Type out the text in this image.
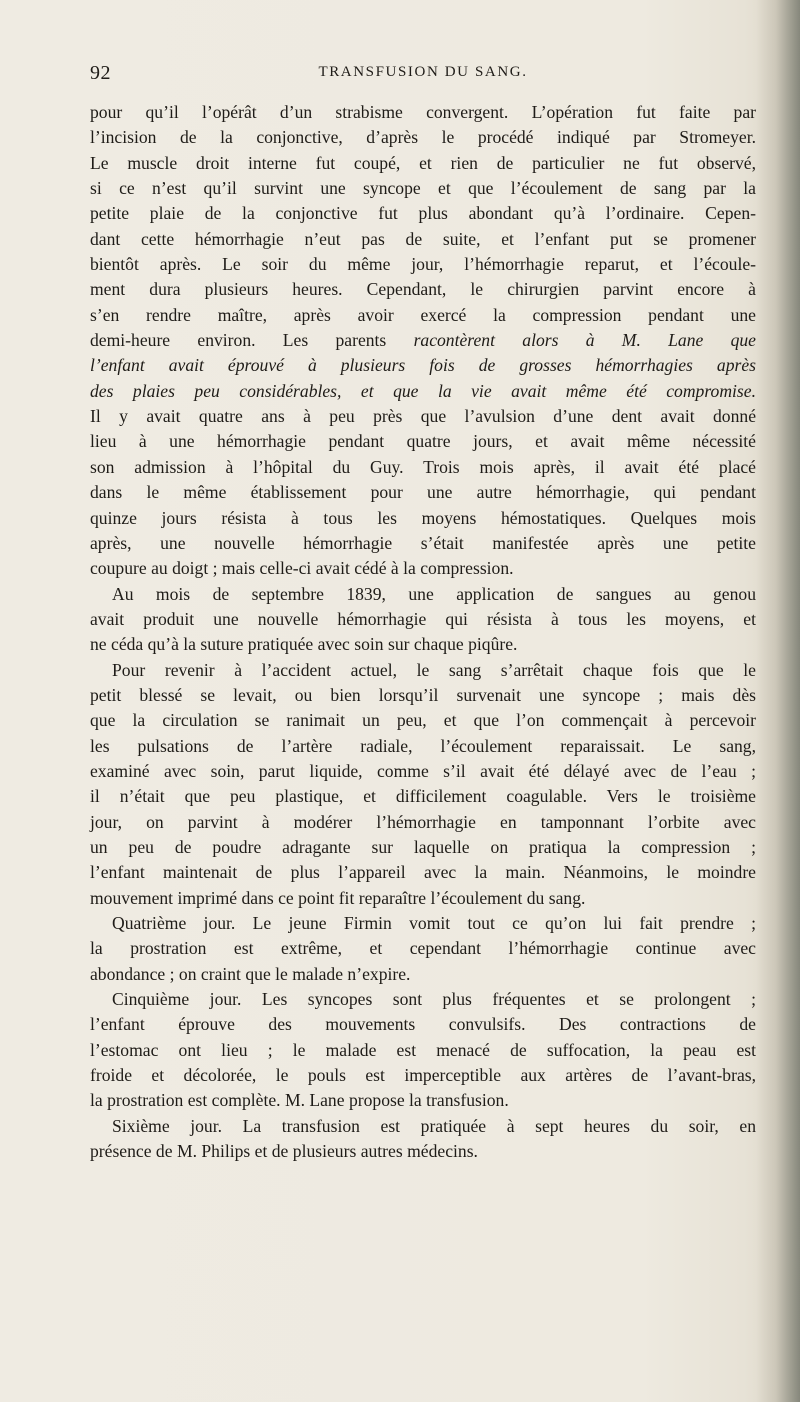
92	TRANSFUSION DU SANG.
pour qu’il l’opérât d’un strabisme convergent. L’opération fut faite par
l’incision de la conjonctive, d’après le procédé indiqué par Stromeyer.
Le muscle droit interne fut coupé, et rien de particulier ne fut observé,
si ce n’est qu’il survint une syncope et que l’écoulement de sang par la
petite plaie de la conjonctive fut plus abondant qu’à l’ordinaire. Cepen-
dant cette hémorrhagie n’eut pas de suite, et l’enfant put se promener
bientôt après. Le soir du même jour, l’hémorrhagie reparut, et l’écoule-
ment dura plusieurs heures. Cependant, le chirurgien parvint encore à
s’en rendre maître, après avoir exercé la compression pendant une
demi-heure environ. Les parents racontèrent alors à M. Lane que
l’enfant avait éprouvé à plusieurs fois de grosses hémorrhagies après
des plaies peu considérables, et que la vie avait même été compromise.
Il y avait quatre ans à peu près que l’avulsion d’une dent avait donné
lieu à une hémorrhagie pendant quatre jours, et avait même nécessité
son admission à l’hôpital du Guy. Trois mois après, il avait été placé
dans le même établissement pour une autre hémorrhagie, qui pendant
quinze jours résista à tous les moyens hémostatiques. Quelques mois
après, une nouvelle hémorrhagie s’était manifestée après une petite
coupure au doigt ; mais celle-ci avait cédé à la compression.
Au mois de septembre 1839, une application de sangues au genou
avait produit une nouvelle hémorrhagie qui résista à tous les moyens, et
ne céda qu’à la suture pratiquée avec soin sur chaque piqûre.
Pour revenir à l’accident actuel, le sang s’arrêtait chaque fois que le
petit blessé se levait, ou bien lorsqu’il survenait une syncope ; mais dès
que la circulation se ranimait un peu, et que l’on commençait à percevoir
les pulsations de l’artère radiale, l’écoulement reparaissait. Le sang,
examiné avec soin, parut liquide, comme s’il avait été délayé avec de l’eau ;
il n’était que peu plastique, et difficilement coagulable. Vers le troisième
jour, on parvint à modérer l’hémorrhagie en tamponnant l’orbite avec
un peu de poudre adragante sur laquelle on pratiqua la compression ;
l’enfant maintenait de plus l’appareil avec la main. Néanmoins, le moindre
mouvement imprimé dans ce point fit reparaître l’écoulement du sang.
Quatrième jour. Le jeune Firmin vomit tout ce qu’on lui fait prendre ;
la prostration est extrême, et cependant l’hémorrhagie continue avec
abondance ; on craint que le malade n’expire.
Cinquième jour. Les syncopes sont plus fréquentes et se prolongent ;
l’enfant éprouve des mouvements convulsifs. Des contractions de
l’estomac ont lieu ; le malade est menacé de suffocation, la peau est
froide et décolorée, le pouls est imperceptible aux artères de l’avant-bras,
la prostration est complète. M. Lane propose la transfusion.
Sixième jour. La transfusion est pratiquée à sept heures du soir, en
présence de M. Philips et de plusieurs autres médecins.
